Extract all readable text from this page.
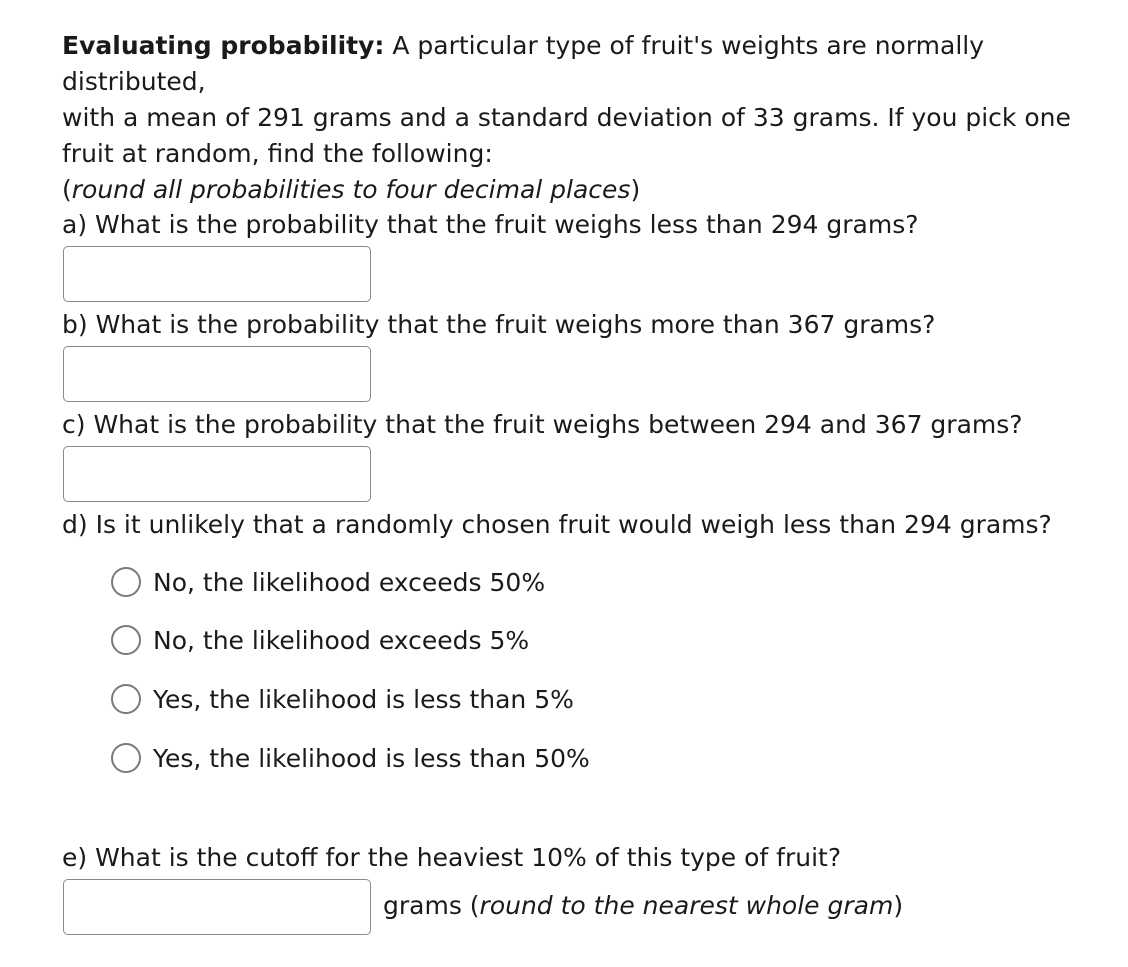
Evaluating probability: A particular type of fruit's weights are normally distributed,
with a mean of 291 grams and a standard deviation of 33 grams. If you pick one
fruit at random, find the following:
(round all probabilities to four decimal places)

a) What is the probability that the fruit weighs less than 294 grams?
b) What is the probability that the fruit weighs more than 367 grams?
c) What is the probability that the fruit weighs between 294 and 367 grams?
d) Is it unlikely that a randomly chosen fruit would weigh less than 294 grams?
No, the likelihood exceeds 50%
No, the likelihood exceeds 5%
Yes, the likelihood is less than 5%
Yes, the likelihood is less than 50%
e) What is the cutoff for the heaviest 10% of this type of fruit?
grams (round to the nearest whole gram)
